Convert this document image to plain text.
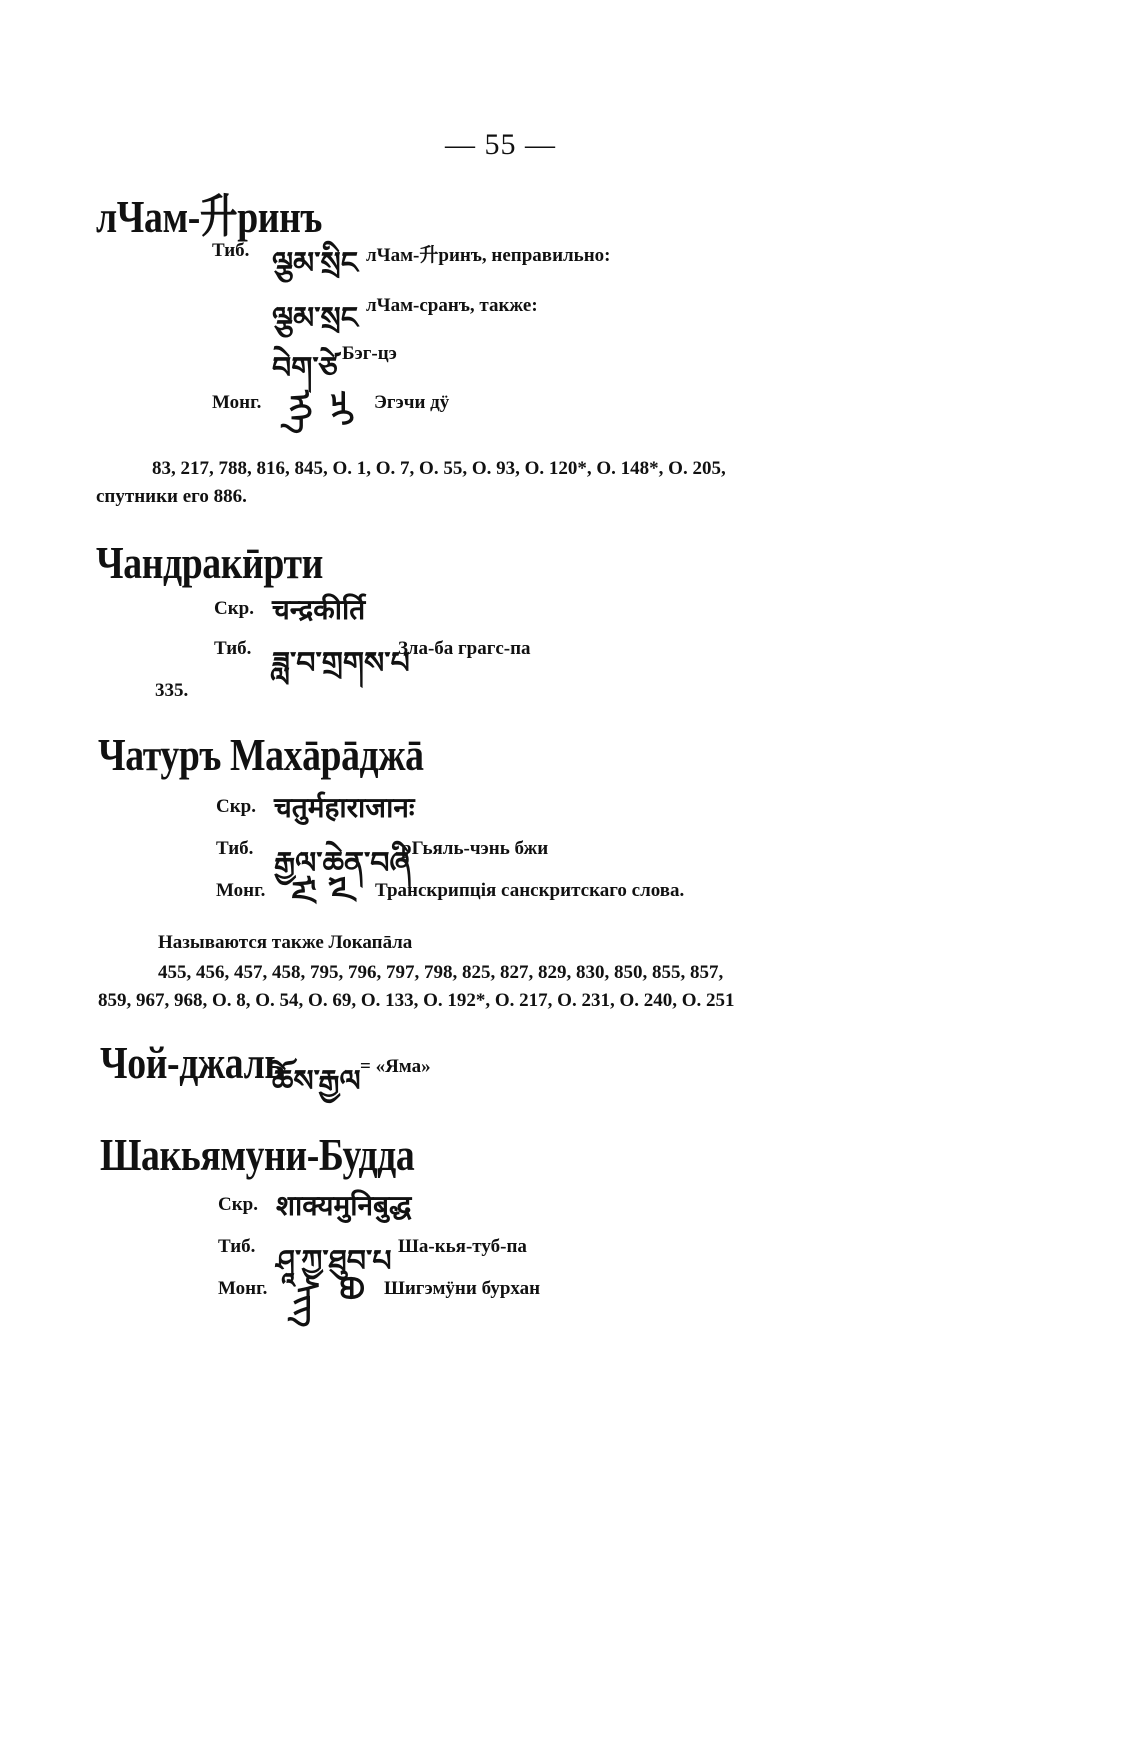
— 55 —
лЧам-升ринъ
Тиб. ལྕམ་སྲིང лЧам-升ринъ, неправильно:
ལྕམ་སྲང лЧам-сранъ, также:
བེག་ཙེ Бэг-цэ
Монг. ᠡᠭᠡ ᠴᠢ Эгэчи дӱ
83, 217, 788, 816, 845, О. 1, О. 7, О. 55, О. 93, О. 120*, О. 148*, О. 205,
спутники его 886.
Чандракӣрти
Скр. चन्द्रकीर्ति
Тиб. ཟླ་བ་གྲགས་པ
Зла-ба грагс-па
335.
Чатуръ Махāрāджā
Скр. चतुर्महाराजानः
Тиб. རྒྱལ་ཆེན་བཞི
рГьяль-чэнь бжи
Монг. ᠮᠠ ᠷᠠ Транскрипція санскритскаго слова.
Называются также Локапāла
455, 456, 457, 458, 795, 796, 797, 798, 825, 827, 829, 830, 850, 855, 857,
859, 967, 968, О. 8, О. 54, О. 69, О. 133, О. 192*, О. 217, О. 231, О. 240, О. 251
Чой-джаль
ཆོས་རྒྱལ = «Яма»
Шакьямуни-Будда
Скр. शाक्यमुनिबुद्ध
Тиб. ཤཱ་ཀྱ་ཐུབ་པ Ша-кья-туб-па
Монг. ᠱᠢᠭ ᠪᠤ Шигэмӱни бурхан
